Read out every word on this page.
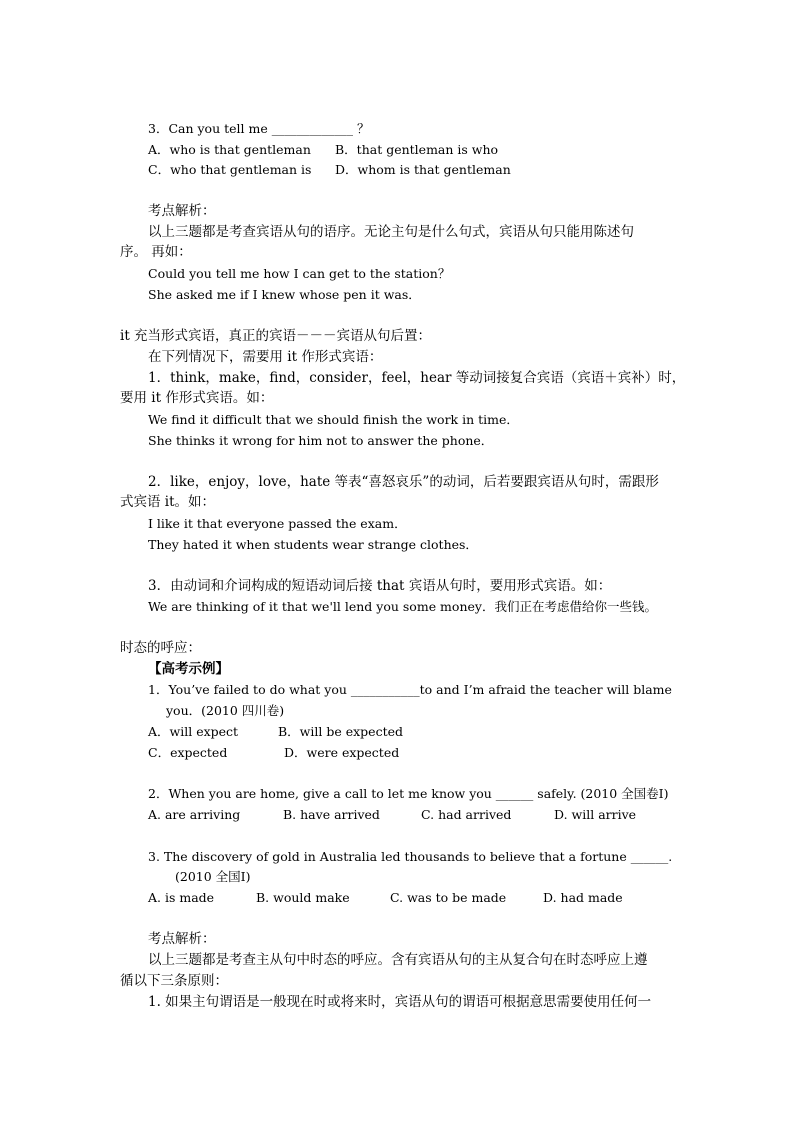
3．Can you tell me _____________ ？
A．who is that gentleman B．that gentleman is who
C．who that gentleman is D．whom is that gentleman
考点解析：
以上三题都是考查宾语从句的语序。无论主句是什么句式，宾语从句只能用陈述句
序。 再如：
Could you tell me how I can get to the station？
She asked me if I knew whose pen it was．
it 充当形式宾语，真正的宾语－－－宾语从句后置：
在下列情况下，需要用 it 作形式宾语：
1．think，make，find，consider，feel，hear 等动词接复合宾语（宾语＋宾补）时，
要用 it 作形式宾语。如：
We find it difficult that we should finish the work in time．
She thinks it wrong for him not to answer the phone．
2．like，enjoy，love，hate 等表“喜怒哀乐”的动词，后若要跟宾语从句时，需跟形
式宾语 it。如：
I like it that everyone passed the exam．
They hated it when students wear strange clothes．
3．由动词和介词构成的短语动词后接 that 宾语从句时，要用形式宾语。如：
We are thinking of it that we'll lend you some money．我们正在考虑借给你一些钱。
时态的呼应：
【高考示例】
1．You’ve failed to do what you ___________to and I’m afraid the teacher will blame
you．(2010 四川卷)
A．will expect	B．will be expected
C．expected	D．were expected
2．When you are home, give a call to let me know you ______ safely. (2010 全国卷Ⅰ)
A. are arriving	B. have arrived	C. had arrived	D. will arrive
3. The discovery of gold in Australia led thousands to believe that a fortune ______.
(2010 全国Ⅰ)
A. is made	B. would make	C. was to be made	D. had made
考点解析：
以上三题都是考查主从句中时态的呼应。含有宾语从句的主从复合句在时态呼应上遵
循以下三条原则：
1. 如果主句谓语是一般现在时或将来时，宾语从句的谓语可根据意思需要使用任何一
